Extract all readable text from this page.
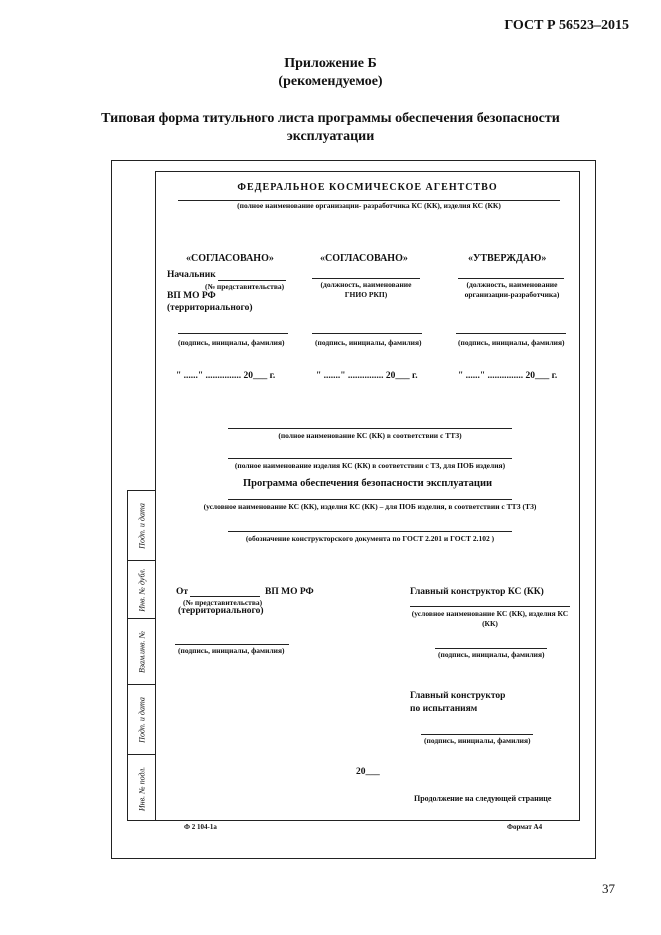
ГОСТ Р 56523–2015
Приложение Б
(рекомендуемое)
Типовая форма титульного листа программы обеспечения безопасности
эксплуатации
Подп. и дата
Инв. № дубл.
Взам.инв. №
Подп. и дата
Инв. № подл.
ФЕДЕРАЛЬНОЕ КОСМИЧЕСКОЕ АГЕНТСТВО
(полное наименование организации- разработчика КС (КК), изделия КС (КК)
«СОГЛАСОВАНО»
Начальник
(№ представительства)
ВП МО РФ
(территориального)
(подпись, инициалы, фамилия)
" ......" ............... 20___ г.
«СОГЛАСОВАНО»
(должность, наименование
ГНИО РКП)
(подпись, инициалы, фамилия)
" ......." ............... 20___ г.
«УТВЕРЖДАЮ»
(должность, наименование
организации-разработчика)
(подпись, инициалы, фамилия)
" ......" ............... 20___ г.
(полное наименование КС (КК) в соответствии с ТТЗ)
(полное наименование изделия КС (КК) в соответствии с ТЗ, для ПОБ изделия)
Программа обеспечения безопасности эксплуатации
(условное наименование КС (КК), изделия КС (КК) – для ПОБ изделия, в соответствии с ТТЗ (ТЗ)
(обозначение конструкторского документа по ГОСТ 2.201 и ГОСТ 2.102 )
От	ВП МО РФ
(№ представительства)
(территориального)
(подпись, инициалы, фамилия)
Главный конструктор КС (КК)
(условное наименование КС (КК), изделия КС
(КК)
(подпись, инициалы, фамилия)
Главный конструктор
по испытаниям
(подпись, инициалы, фамилия)
20___
Продолжение на следующей странице
Ф 2 104-1а	Формат А4
37
